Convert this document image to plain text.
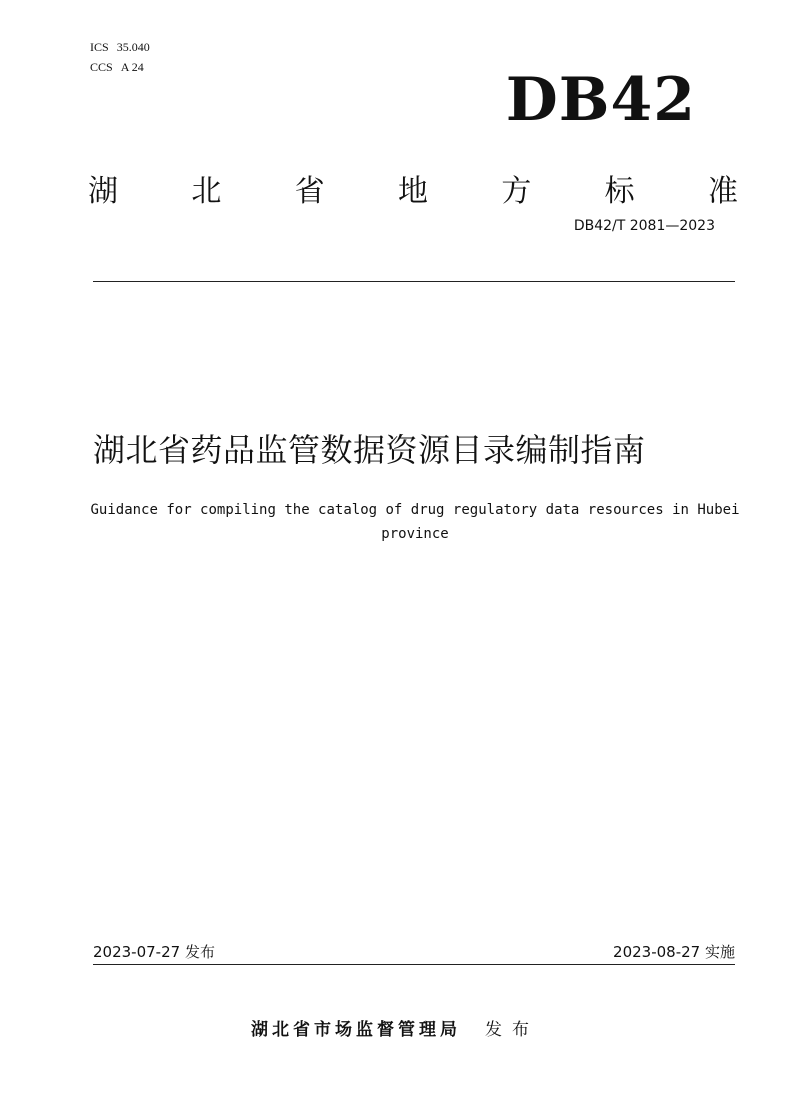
ICS 35.040
CCS A 24	DB42
湖 北 省 地 方 标 准
DB42/T 2081—2023
湖北省药品监管数据资源目录编制指南
Guidance for compiling the catalog of drug regulatory data resources in Hubei province
2023-07-27 发布	2023-08-27 实施
湖北省市场监督管理局 发布
